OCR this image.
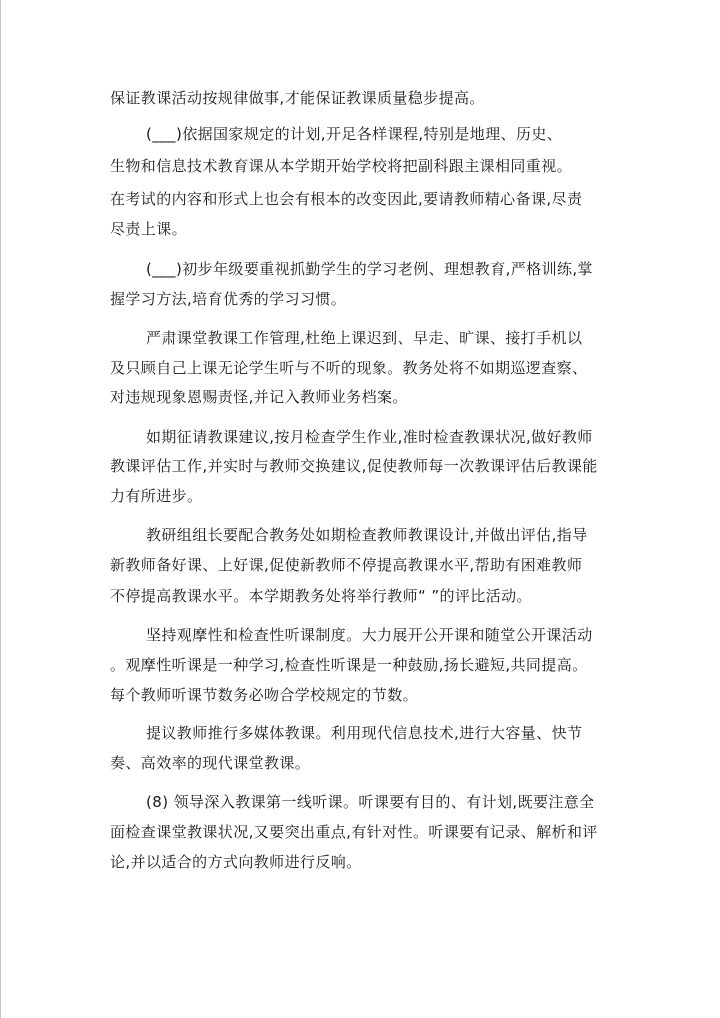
保证教课活动按规律做事,才能保证教课质量稳步提高。
(___)依据国家规定的计划,开足各样课程,特别是地理、历史、
生物和信息技术教育课从本学期开始学校将把副科跟主课相同重视。
在考试的内容和形式上也会有根本的改变因此,要请教师精心备课,尽责
尽责上课。
(___)初步年级要重视抓勤学生的学习老例、理想教育,严格训练,掌
握学习方法,培育优秀的学习习惯。
严肃课堂教课工作管理,杜绝上课迟到、早走、旷课、接打手机以
及只顾自己上课无论学生听与不听的现象。教务处将不如期巡逻查察、
对违规现象恩赐责怪,并记入教师业务档案。
如期征请教课建议,按月检查学生作业,准时检查教课状况,做好教师
教课评估工作,并实时与教师交换建议,促使教师每一次教课评估后教课能
力有所进步。
教研组组长要配合教务处如期检查教师教课设计,并做出评估,指导
新教师备好课、上好课,促使新教师不停提高教课水平,帮助有困难教师
不停提高教课水平。本学期教务处将举行教师“ ”的评比活动。
坚持观摩性和检查性听课制度。大力展开公开课和随堂公开课活动
。观摩性听课是一种学习,检查性听课是一种鼓励,扬长避短,共同提高。
每个教师听课节数务必吻合学校规定的节数。
提议教师推行多媒体教课。利用现代信息技术,进行大容量、快节
奏、高效率的现代课堂教课。
(8) 领导深入教课第一线听课。听课要有目的、有计划,既要注意全
面检查课堂教课状况,又要突出重点,有针对性。听课要有记录、解析和评
论,并以适合的方式向教师进行反响。
